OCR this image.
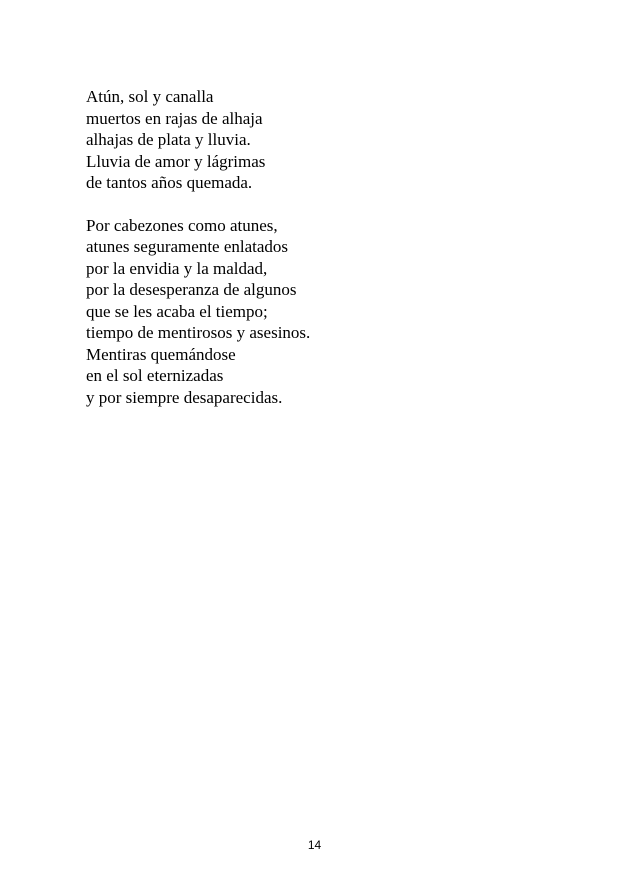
Atún, sol y canalla
muertos en rajas de alhaja
alhajas de plata y lluvia.
Lluvia de amor y lágrimas
de tantos años quemada.
Por cabezones como atunes,
atunes seguramente enlatados
por la envidia y la maldad,
por la desesperanza de algunos
que se les acaba el tiempo;
tiempo de mentirosos y asesinos.
Mentiras quemándose
en el sol eternizadas
y por siempre desaparecidas.
14
